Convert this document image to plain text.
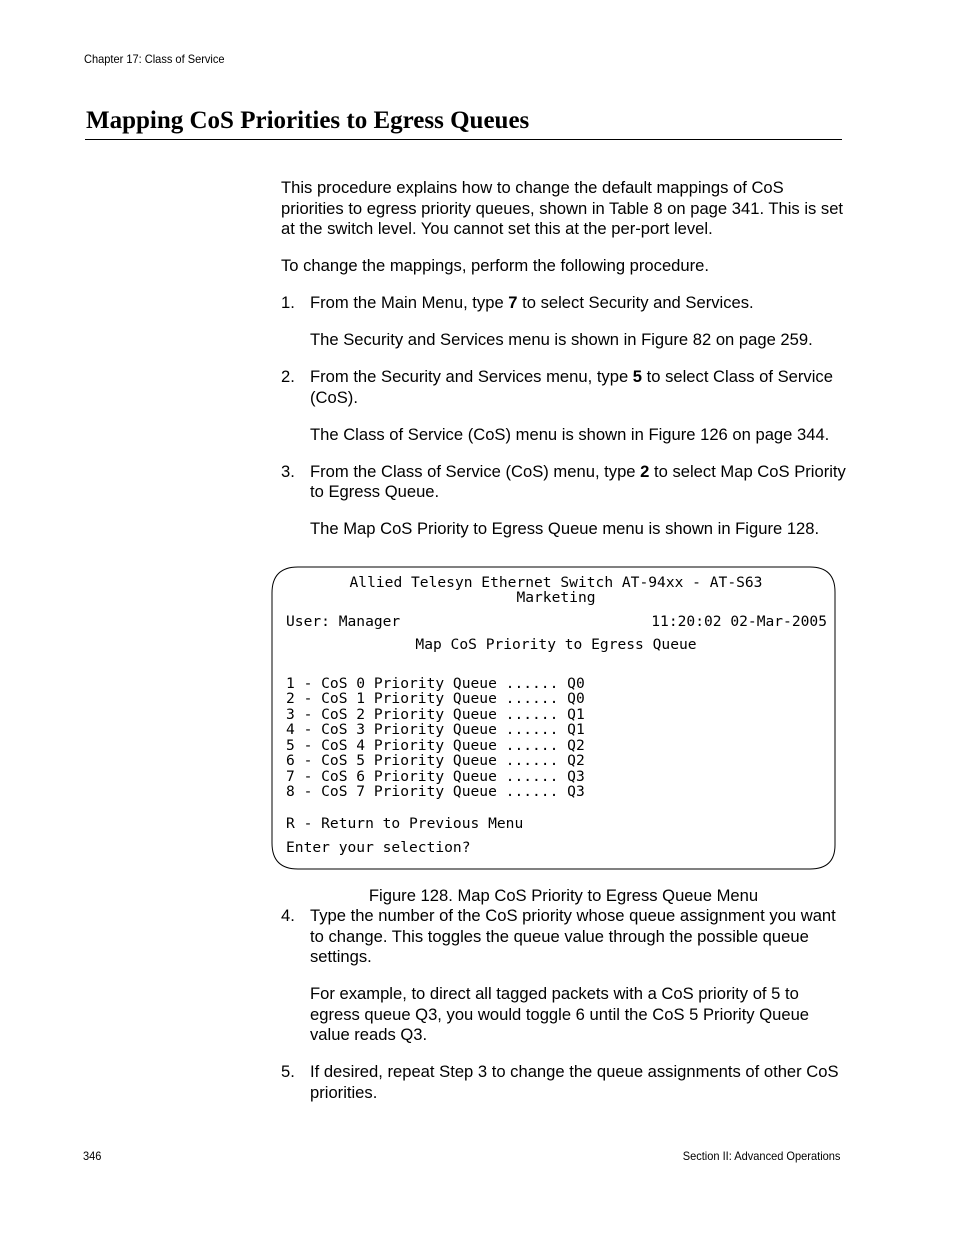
Chapter 17: Class of Service
Mapping CoS Priorities to Egress Queues

This procedure explains how to change the default mappings of CoS priorities to egress priority queues, shown in Table 8 on page 341. This is set at the switch level. You cannot set this at the per-port level.

To change the mappings, perform the following procedure.

1. From the Main Menu, type 7 to select Security and Services.

The Security and Services menu is shown in Figure 82 on page 259.

2. From the Security and Services menu, type 5 to select Class of Service (CoS).

The Class of Service (CoS) menu is shown in Figure 126 on page 344.

3. From the Class of Service (CoS) menu, type 2 to select Map CoS Priority to Egress Queue.

The Map CoS Priority to Egress Queue menu is shown in Figure 128.

Allied Telesyn Ethernet Switch AT-94xx - AT-S63
Marketing
User: Manager	11:20:02 02-Mar-2005
Map CoS Priority to Egress Queue
1 - CoS 0 Priority Queue ...... Q0
2 - CoS 1 Priority Queue ...... Q0
3 - CoS 2 Priority Queue ...... Q1
4 - CoS 3 Priority Queue ...... Q1
5 - CoS 4 Priority Queue ...... Q2
6 - CoS 5 Priority Queue ...... Q2
7 - CoS 6 Priority Queue ...... Q3
8 - CoS 7 Priority Queue ...... Q3
R - Return to Previous Menu
Enter your selection?

Figure 128. Map CoS Priority to Egress Queue Menu

4. Type the number of the CoS priority whose queue assignment you want to change. This toggles the queue value through the possible queue settings.

For example, to direct all tagged packets with a CoS priority of 5 to egress queue Q3, you would toggle 6 until the CoS 5 Priority Queue value reads Q3.

5. If desired, repeat Step 3 to change the queue assignments of other CoS priorities.

346	Section II: Advanced Operations
